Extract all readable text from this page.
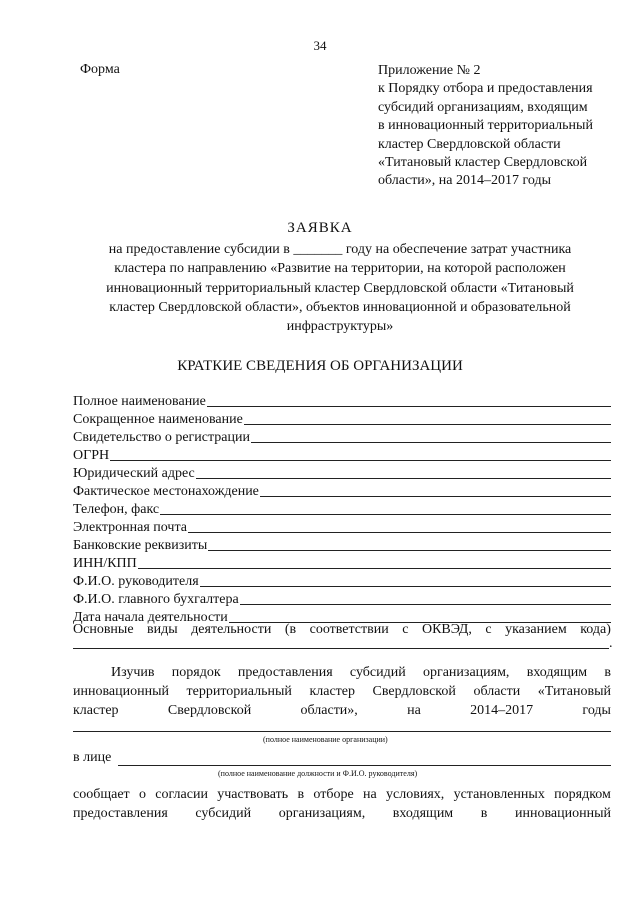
34
Форма	Приложение № 2
к Порядку отбора и предоставления
субсидий организациям, входящим
в инновационный территориальный
кластер Свердловской области
«Титановый кластер Свердловской
области», на 2014–2017 годы
ЗАЯВКА
на предоставление субсидии в _______ году на обеспечение затрат участника
кластера по направлению «Развитие на территории, на которой расположен
инновационный территориальный кластер Свердловской области «Титановый
кластер Свердловской области», объектов инновационной и образовательной
инфраструктуры»
КРАТКИЕ СВЕДЕНИЯ ОБ ОРГАНИЗАЦИИ
Полное наименование
Сокращенное наименование
Свидетельство о регистрации
ОГРН
Юридический адрес
Фактическое местонахождение
Телефон, факс
Электронная почта
Банковские реквизиты
ИНН/КПП
Ф.И.О. руководителя
Ф.И.О. главного бухгалтера
Дата начала деятельности
Основные виды деятельности (в соответствии с ОКВЭД, с указанием кода)
.
Изучив порядок предоставления субсидий организациям, входящим в
инновационный территориальный кластер Свердловской области «Титановый
кластер	Свердловской	области»,	на	2014–2017	годы
(полное наименование организации)
в лице
(полное наименование должности и Ф.И.О. руководителя)
сообщает о согласии участвовать в отборе на условиях, установленных порядком
предоставления субсидий организациям, входящим в инновационный
